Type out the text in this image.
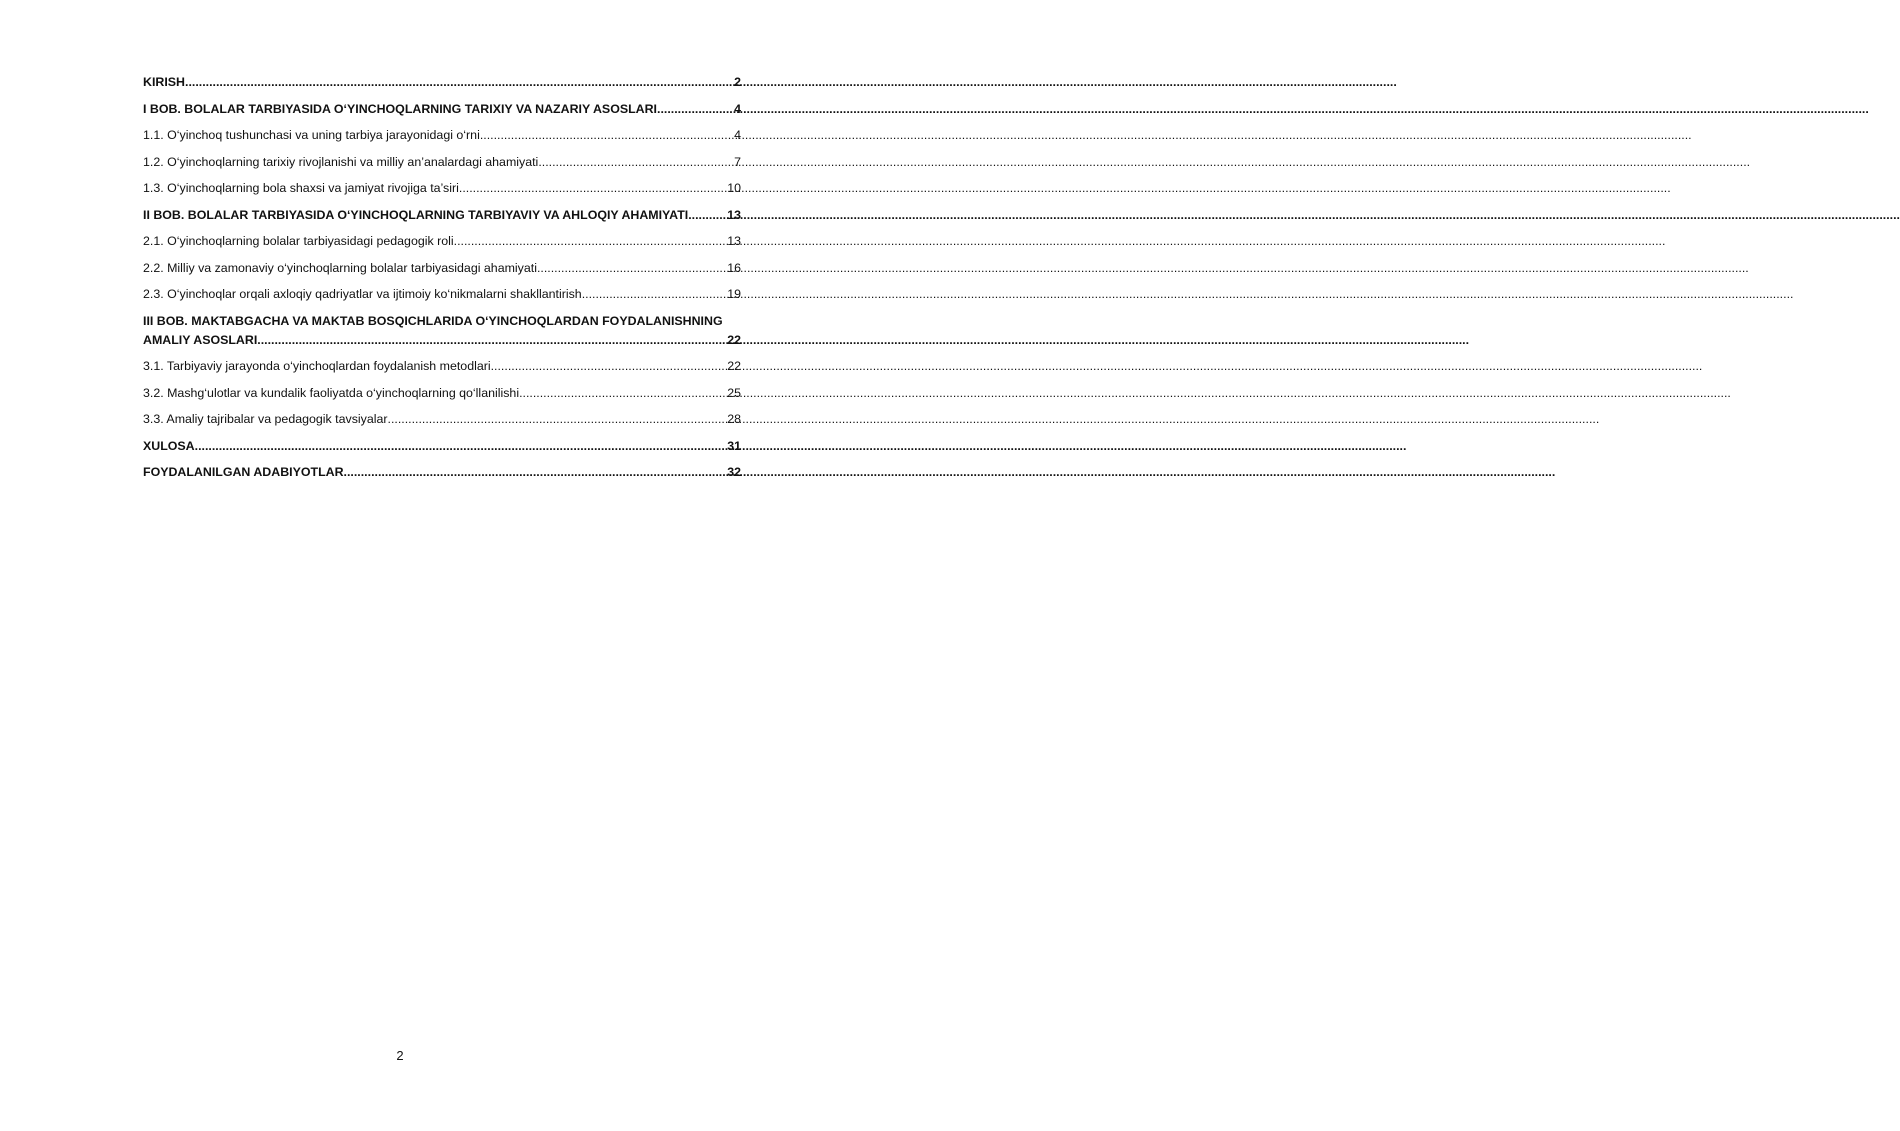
KIRISH .....	2
I BOB. BOLALAR TARBIYASIDA O‘YINCHOQLARNING TARIXIY VA NAZARIY ASOSLARI .....	4
1.1. O‘yinchoq tushunchasi va uning tarbiya jarayonidagi o‘rni .....	4
1.2. O‘yinchoqlarning tarixiy rivojlanishi va milliy an’analardagi ahamiyati .....	7
1.3. O‘yinchoqlarning bola shaxsi va jamiyat rivojiga ta’siri .....	10
II BOB. BOLALAR TARBIYASIDA O‘YINCHOQLARNING TARBIYAVIY VA AHLOQIY AHAMIYATI .....	13
2.1. O‘yinchoqlarning bolalar tarbiyasidagi pedagogik roli .....	13
2.2. Milliy va zamonaviy o‘yinchoqlarning bolalar tarbiyasidagi ahamiyati .....	16
2.3. O‘yinchoqlar orqali axloqiy qadriyatlar va ijtimoiy ko‘nikmalarni shakllantirish .....	19
III BOB. MAKTABGACHA VA MAKTAB BOSQICHLARIDA O‘YINCHOQLARDAN FOYDALANISHNING
AMALIY ASOSLARI .....	22
3.1. Tarbiyaviy jarayonda o‘yinchoqlardan foydalanish metodlari .....	22
3.2. Mashg‘ulotlar va kundalik faoliyatda o‘yinchoqlarning qo‘llanilishi .....	25
3.3. Amaliy tajribalar va pedagogik tavsiyalar .....	28
XULOSA .....	31
FOYDALANILGAN ADABIYOTLAR .....	32
2
